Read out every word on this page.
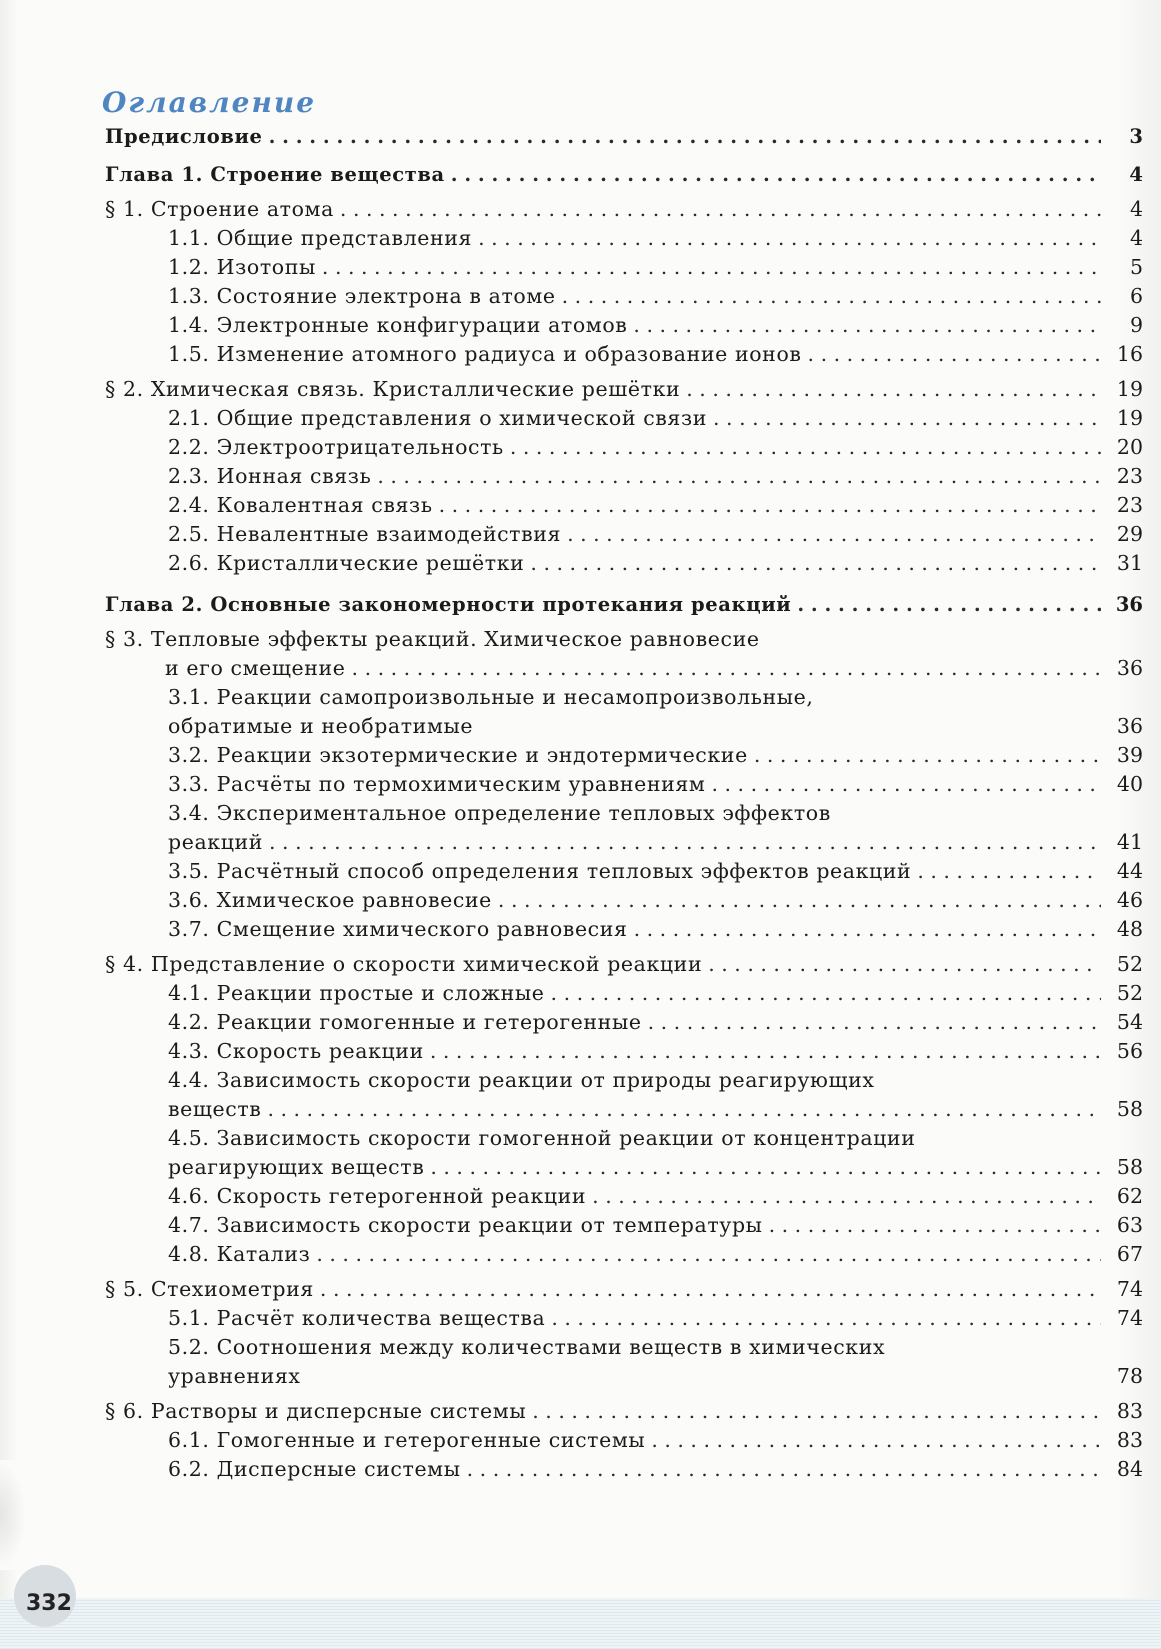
Оглавление
Предисловие . . .	3
Глава 1. Строение вещества . . .	4
§ 1. Строение атома . . .	4
1.1. Общие представления . . .	4
1.2. Изотопы . . .	5
1.3. Состояние электрона в атоме . . .	6
1.4. Электронные конфигурации атомов . . .	9
1.5. Изменение атомного радиуса и образование ионов . . .	16
§ 2. Химическая связь. Кристаллические решётки . . .	19
2.1. Общие представления о химической связи . . .	19
2.2. Электроотрицательность . . .	20
2.3. Ионная связь . . .	23
2.4. Ковалентная связь . . .	23
2.5. Невалентные взаимодействия . . .	29
2.6. Кристаллические решётки . . .	31
Глава 2. Основные закономерности протекания реакций . . .	36
§ 3. Тепловые эффекты реакций. Химическое равновесие
и его смещение . . .	36
3.1. Реакции самопроизвольные и несамопроизвольные,
обратимые и необратимые	36
3.2. Реакции экзотермические и эндотермические . . .	39
3.3. Расчёты по термохимическим уравнениям . . .	40
3.4. Экспериментальное определение тепловых эффектов
реакций . . .	41
3.5. Расчётный способ определения тепловых эффектов реакций . . .	44
3.6. Химическое равновесие . . .	46
3.7. Смещение химического равновесия . . .	48
§ 4. Представление о скорости химической реакции . . .	52
4.1. Реакции простые и сложные . . .	52
4.2. Реакции гомогенные и гетерогенные . . .	54
4.3. Скорость реакции . . .	56
4.4. Зависимость скорости реакции от природы реагирующих
веществ . . .	58
4.5. Зависимость скорости гомогенной реакции от концентрации
реагирующих веществ . . .	58
4.6. Скорость гетерогенной реакции . . .	62
4.7. Зависимость скорости реакции от температуры . . .	63
4.8. Катализ . . .	67
§ 5. Стехиометрия . . .	74
5.1. Расчёт количества вещества . . .	74
5.2. Соотношения между количествами веществ в химических
уравнениях	78
§ 6. Растворы и дисперсные системы . . .	83
6.1. Гомогенные и гетерогенные системы . . .	83
6.2. Дисперсные системы . . .	84
332
